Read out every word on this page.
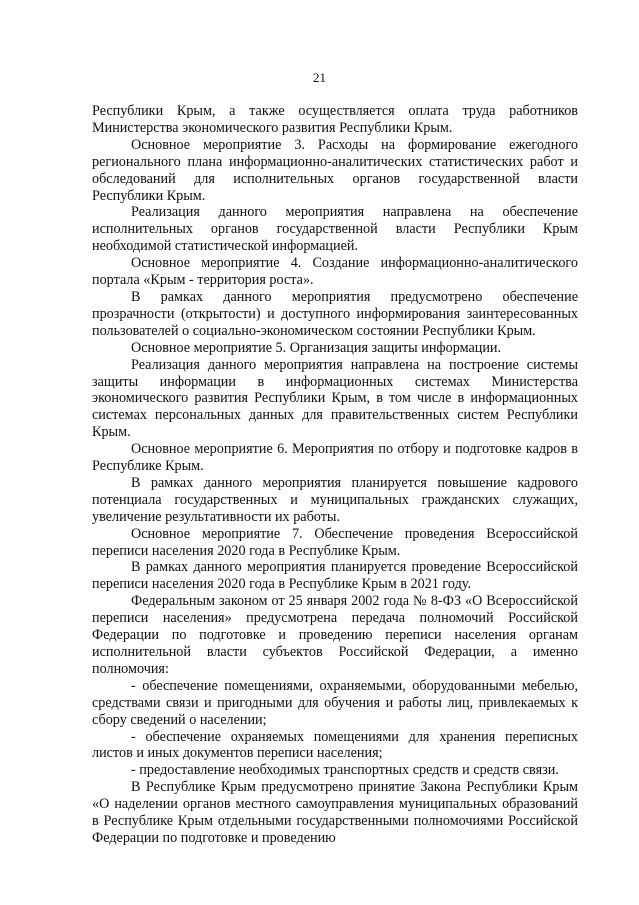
21

Республики Крым, а также осуществляется оплата труда работников Министерства экономического развития Республики Крым.

Основное мероприятие 3. Расходы на формирование ежегодного регионального плана информационно-аналитических статистических работ и обследований для исполнительных органов государственной власти Республики Крым.

Реализация данного мероприятия направлена на обеспечение исполнительных органов государственной власти Республики Крым необходимой статистической информацией.

Основное мероприятие 4. Создание информационно-аналитического портала «Крым - территория роста».

В рамках данного мероприятия предусмотрено обеспечение прозрачности (открытости) и доступного информирования заинтересованных пользователей о социально-экономическом состоянии Республики Крым.

Основное мероприятие 5. Организация защиты информации.

Реализация данного мероприятия направлена на построение системы защиты информации в информационных системах Министерства экономического развития Республики Крым, в том числе в информационных системах персональных данных для правительственных систем Республики Крым.

Основное мероприятие 6. Мероприятия по отбору и подготовке кадров в Республике Крым.

В рамках данного мероприятия планируется повышение кадрового потенциала государственных и муниципальных гражданских служащих, увеличение результативности их работы.

Основное мероприятие 7. Обеспечение проведения Всероссийской переписи населения 2020 года в Республике Крым.

В рамках данного мероприятия планируется проведение Всероссийской переписи населения 2020 года в Республике Крым в 2021 году.

Федеральным законом от 25 января 2002 года № 8-ФЗ «О Всероссийской переписи населения» предусмотрена передача полномочий Российской Федерации по подготовке и проведению переписи населения органам исполнительной власти субъектов Российской Федерации, а именно полномочия:

- обеспечение помещениями, охраняемыми, оборудованными мебелью, средствами связи и пригодными для обучения и работы лиц, привлекаемых к сбору сведений о населении;

- обеспечение охраняемых помещениями для хранения переписных листов и иных документов переписи населения;

- предоставление необходимых транспортных средств и средств связи.

В Республике Крым предусмотрено принятие Закона Республики Крым «О наделении органов местного самоуправления муниципальных образований в Республике Крым отдельными государственными полномочиями Российской Федерации по подготовке и проведению
